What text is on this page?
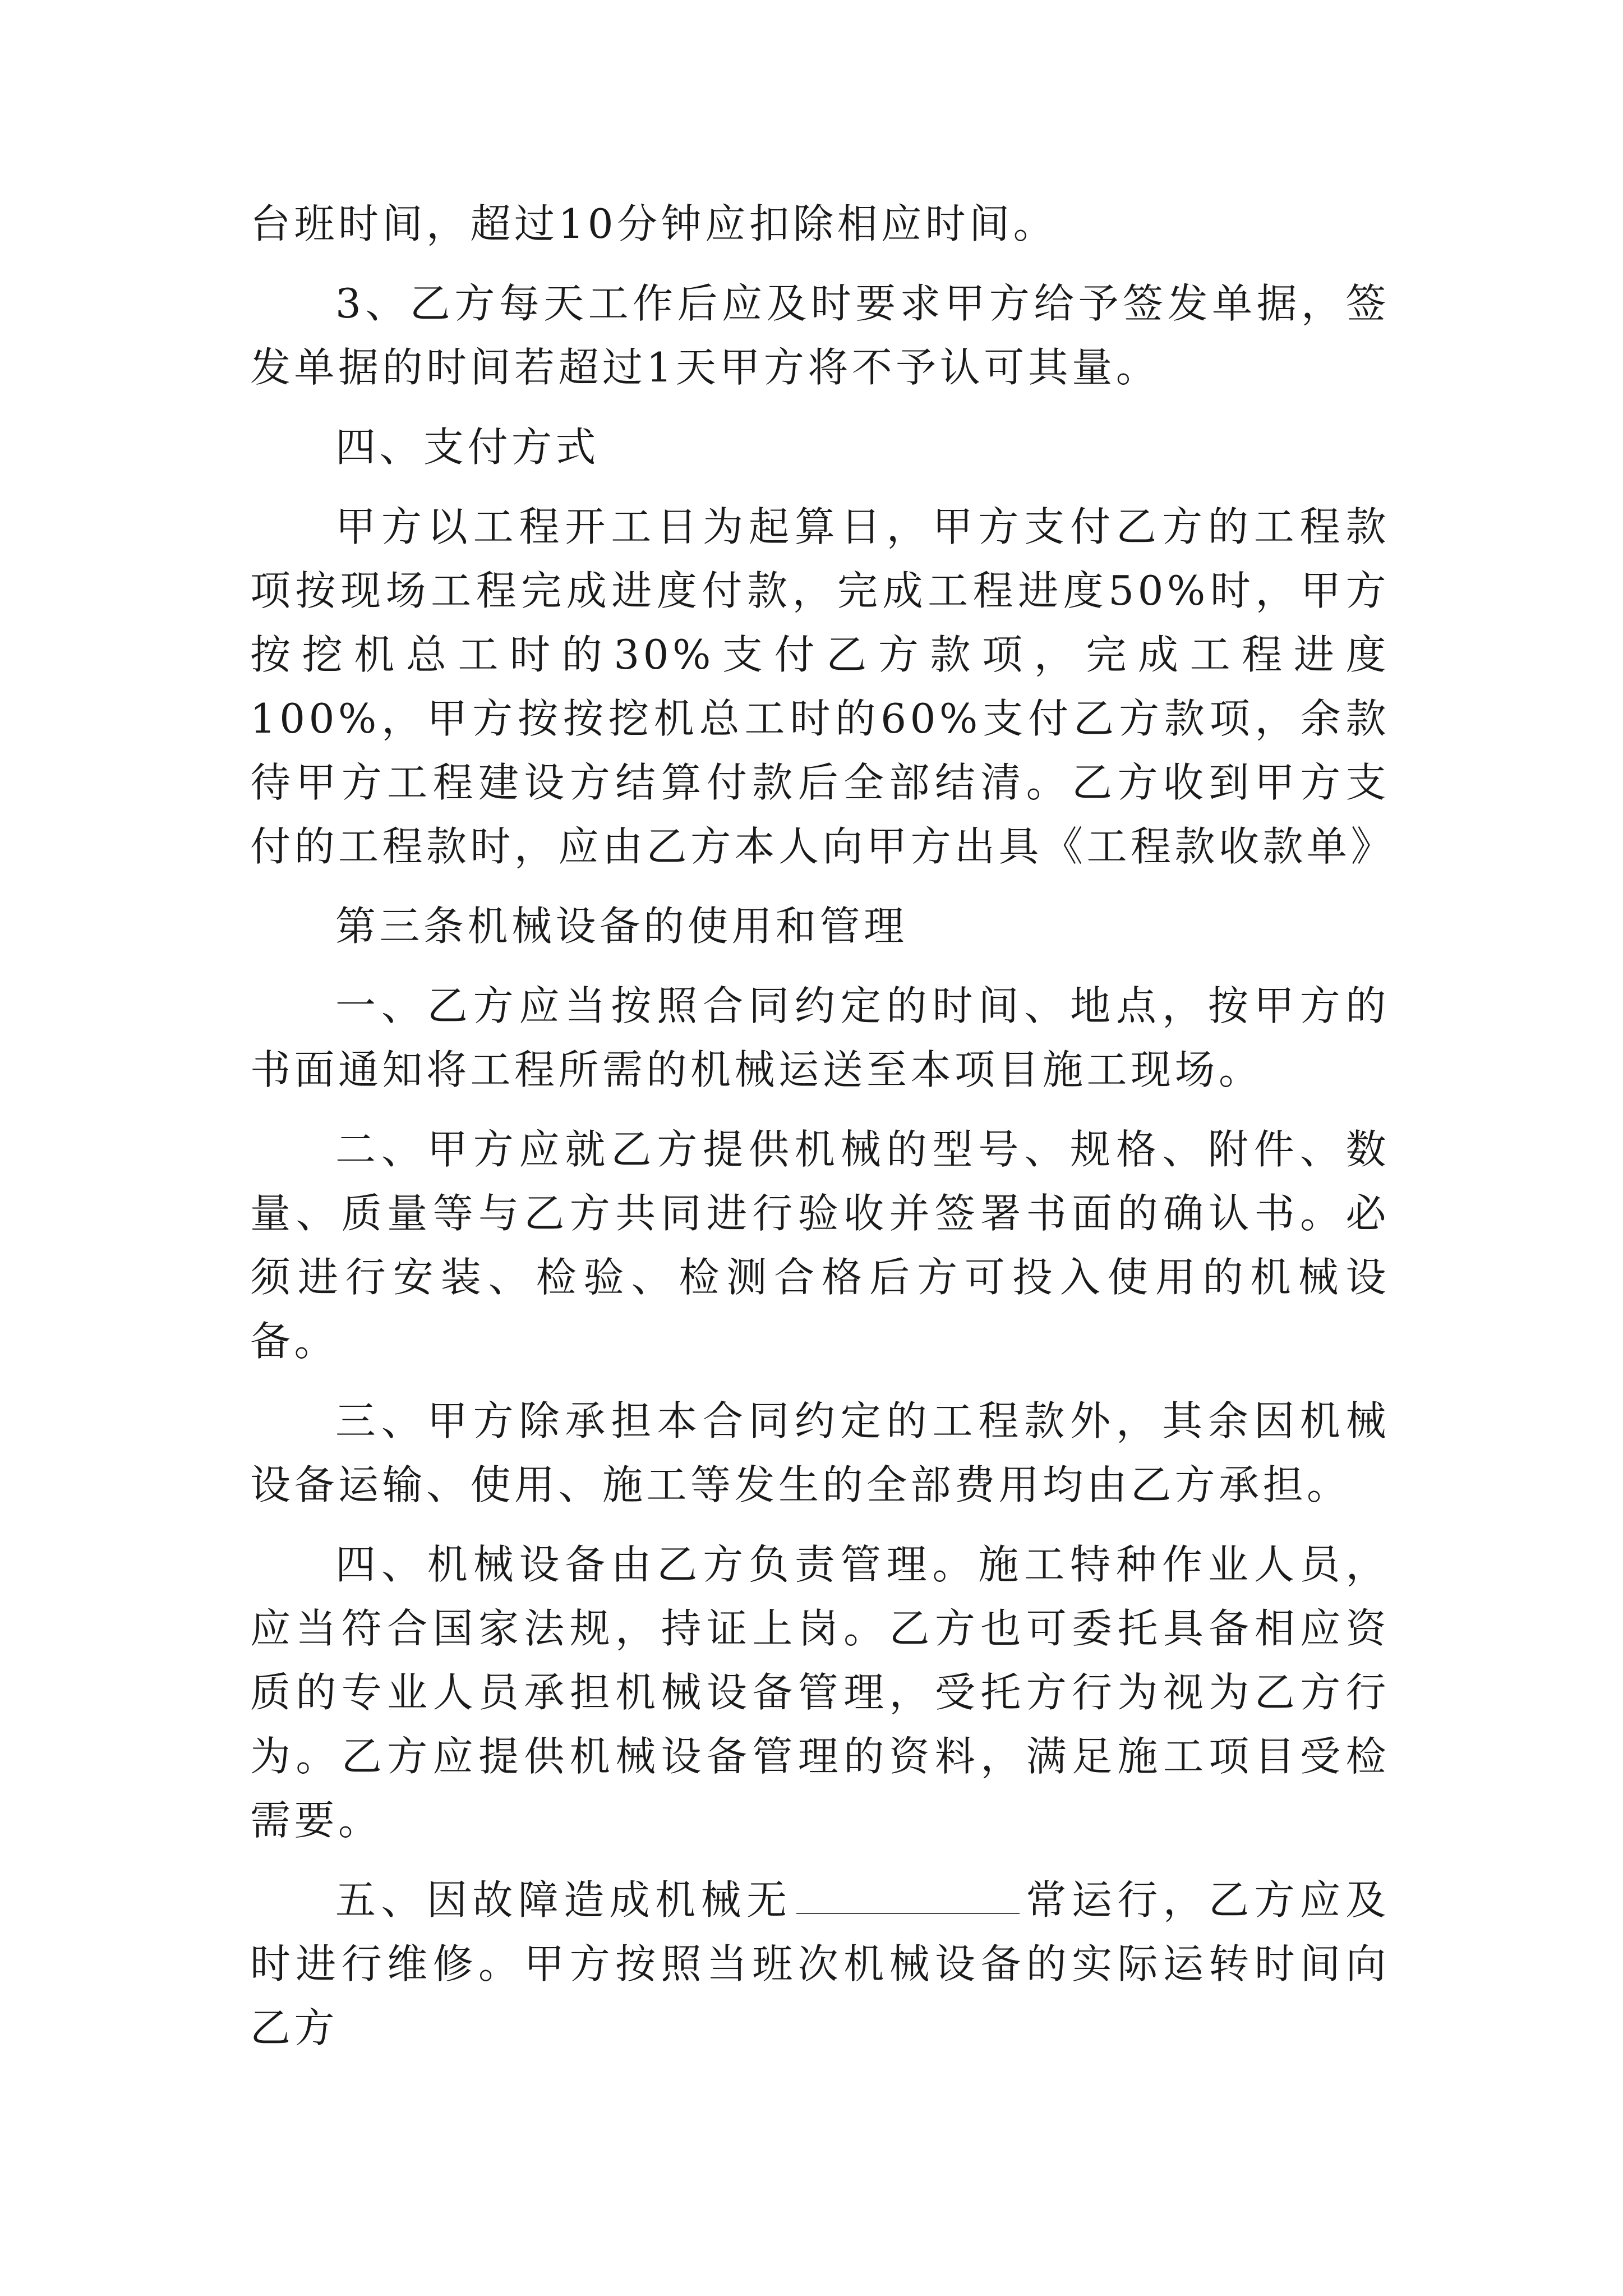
台班时间，超过10分钟应扣除相应时间。

3、乙方每天工作后应及时要求甲方给予签发单据，签发单据的时间若超过1天甲方将不予认可其量。

四、支付方式

甲方以工程开工日为起算日，甲方支付乙方的工程款项按现场工程完成进度付款，完成工程进度50%时，甲方按挖机总工时的30%支付乙方款项，完成工程进度100%，甲方按按挖机总工时的60%支付乙方款项，余款待甲方工程建设方结算付款后全部结清。乙方收到甲方支付的工程款时，应由乙方本人向甲方出具《工程款收款单》

第三条机械设备的使用和管理

一、乙方应当按照合同约定的时间、地点，按甲方的书面通知将工程所需的机械运送至本项目施工现场。

二、甲方应就乙方提供机械的型号、规格、附件、数量、质量等与乙方共同进行验收并签署书面的确认书。必须进行安装、检验、检测合格后方可投入使用的机械设备。

三、甲方除承担本合同约定的工程款外，其余因机械设备运输、使用、施工等发生的全部费用均由乙方承担。

四、机械设备由乙方负责管理。施工特种作业人员，应当符合国家法规，持证上岗。乙方也可委托具备相应资质的专业人员承担机械设备管理，受托方行为视为乙方行为。乙方应提供机械设备管理的资料，满足施工项目受检需要。

五、因故障造成机械无	常运行，乙方应及时进行维修。甲方按照当班次机械设备的实际运转时间向乙方
